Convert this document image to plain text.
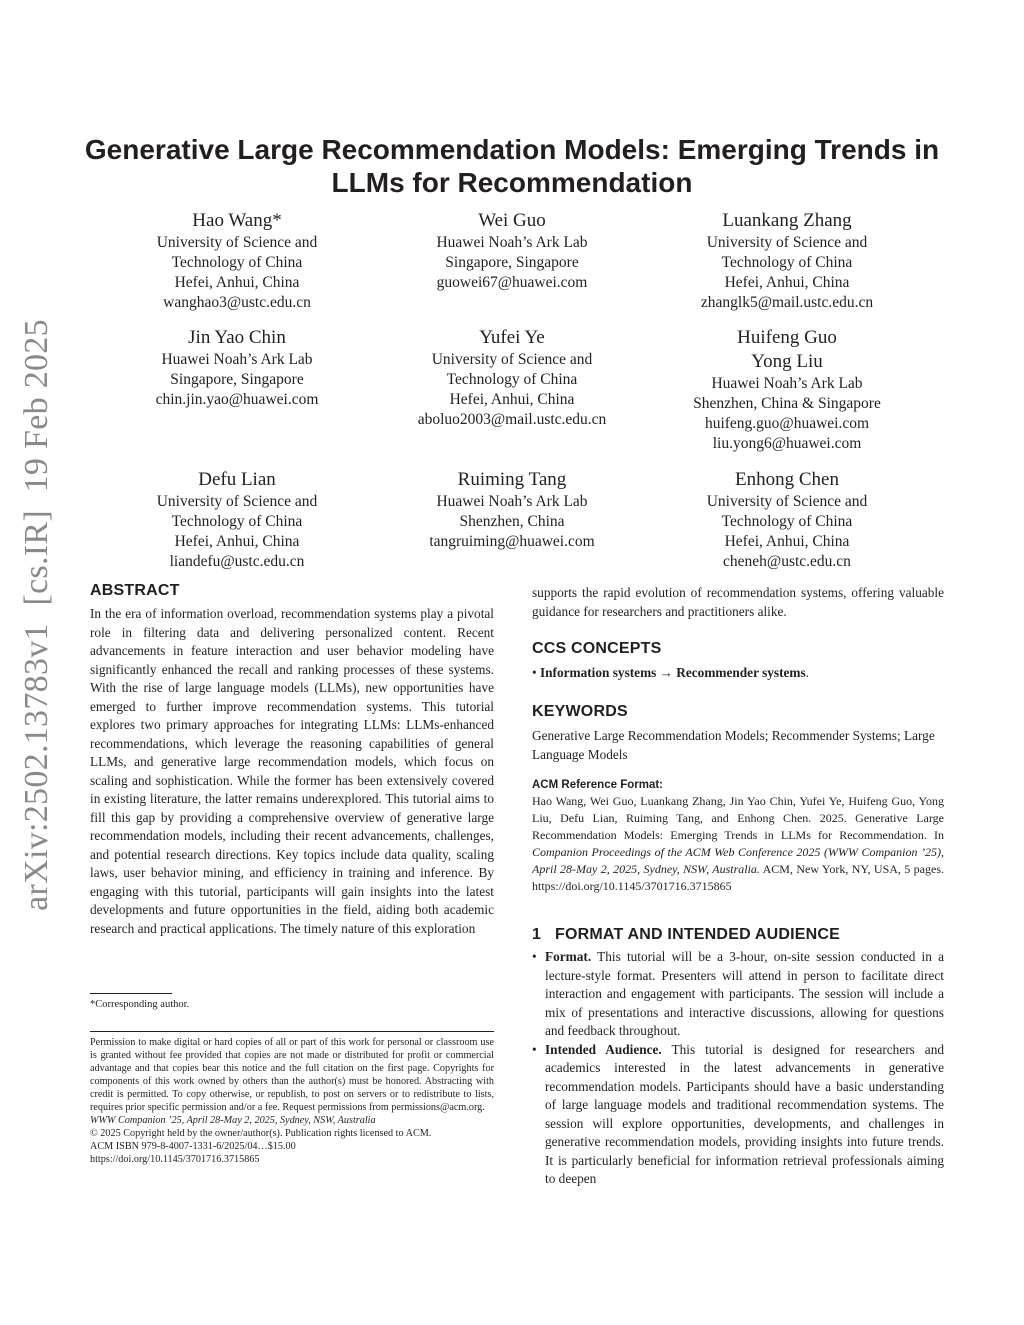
arXiv:2502.13783v1  [cs.IR]  19 Feb 2025
Generative Large Recommendation Models: Emerging Trends in LLMs for Recommendation
Hao Wang*
University of Science and
Technology of China
Hefei, Anhui, China
wanghao3@ustc.edu.cn
Wei Guo
Huawei Noah’s Ark Lab
Singapore, Singapore
guowei67@huawei.com
Luankang Zhang
University of Science and
Technology of China
Hefei, Anhui, China
zhanglk5@mail.ustc.edu.cn
Jin Yao Chin
Huawei Noah’s Ark Lab
Singapore, Singapore
chin.jin.yao@huawei.com
Yufei Ye
University of Science and
Technology of China
Hefei, Anhui, China
aboluo2003@mail.ustc.edu.cn
Huifeng Guo
Yong Liu
Huawei Noah’s Ark Lab
Shenzhen, China & Singapore
huifeng.guo@huawei.com
liu.yong6@huawei.com
Defu Lian
University of Science and
Technology of China
Hefei, Anhui, China
liandefu@ustc.edu.cn
Ruiming Tang
Huawei Noah’s Ark Lab
Shenzhen, China
tangruiming@huawei.com
Enhong Chen
University of Science and
Technology of China
Hefei, Anhui, China
cheneh@ustc.edu.cn
ABSTRACT

In the era of information overload, recommendation systems play a pivotal role in filtering data and delivering personalized content. Recent advancements in feature interaction and user behavior modeling have significantly enhanced the recall and ranking processes of these systems. With the rise of large language models (LLMs), new opportunities have emerged to further improve recommendation systems. This tutorial explores two primary approaches for integrating LLMs: LLMs-enhanced recommendations, which leverage the reasoning capabilities of general LLMs, and generative large recommendation models, which focus on scaling and sophistication. While the former has been extensively covered in existing literature, the latter remains underexplored. This tutorial aims to fill this gap by providing a comprehensive overview of generative large recommendation models, including their recent advancements, challenges, and potential research directions. Key topics include data quality, scaling laws, user behavior mining, and efficiency in training and inference. By engaging with this tutorial, participants will gain insights into the latest developments and future opportunities in the field, aiding both academic research and practical applications. The timely nature of this exploration

*Corresponding author.
Permission to make digital or hard copies of all or part of this work for personal or classroom use is granted without fee provided that copies are not made or distributed for profit or commercial advantage and that copies bear this notice and the full citation on the first page. Copyrights for components of this work owned by others than the author(s) must be honored. Abstracting with credit is permitted. To copy otherwise, or republish, to post on servers or to redistribute to lists, requires prior specific permission and/or a fee. Request permissions from permissions@acm.org.
WWW Companion ’25, April 28-May 2, 2025, Sydney, NSW, Australia
© 2025 Copyright held by the owner/author(s). Publication rights licensed to ACM.
ACM ISBN 979-8-4007-1331-6/2025/04…$15.00
https://doi.org/10.1145/3701716.3715865

supports the rapid evolution of recommendation systems, offering valuable guidance for researchers and practitioners alike.

CCS CONCEPTS

• Information systems → Recommender systems.

KEYWORDS

Generative Large Recommendation Models; Recommender Systems; Large Language Models

ACM Reference Format:

Hao Wang, Wei Guo, Luankang Zhang, Jin Yao Chin, Yufei Ye, Huifeng Guo, Yong Liu, Defu Lian, Ruiming Tang, and Enhong Chen. 2025. Generative Large Recommendation Models: Emerging Trends in LLMs for Recommendation. In Companion Proceedings of the ACM Web Conference 2025 (WWW Companion ’25), April 28-May 2, 2025, Sydney, NSW, Australia. ACM, New York, NY, USA, 5 pages. https://doi.org/10.1145/3701716.3715865

1   FORMAT AND INTENDED AUDIENCE
• Format. This tutorial will be a 3-hour, on-site session conducted in a lecture-style format. Presenters will attend in person to facilitate direct interaction and engagement with participants. The session will include a mix of presentations and interactive discussions, allowing for questions and feedback throughout.
• Intended Audience. This tutorial is designed for researchers and academics interested in the latest advancements in generative recommendation models. Participants should have a basic understanding of large language models and traditional recommendation systems. The session will explore opportunities, developments, and challenges in generative recommendation models, providing insights into future trends. It is particularly beneficial for information retrieval professionals aiming to deepen
